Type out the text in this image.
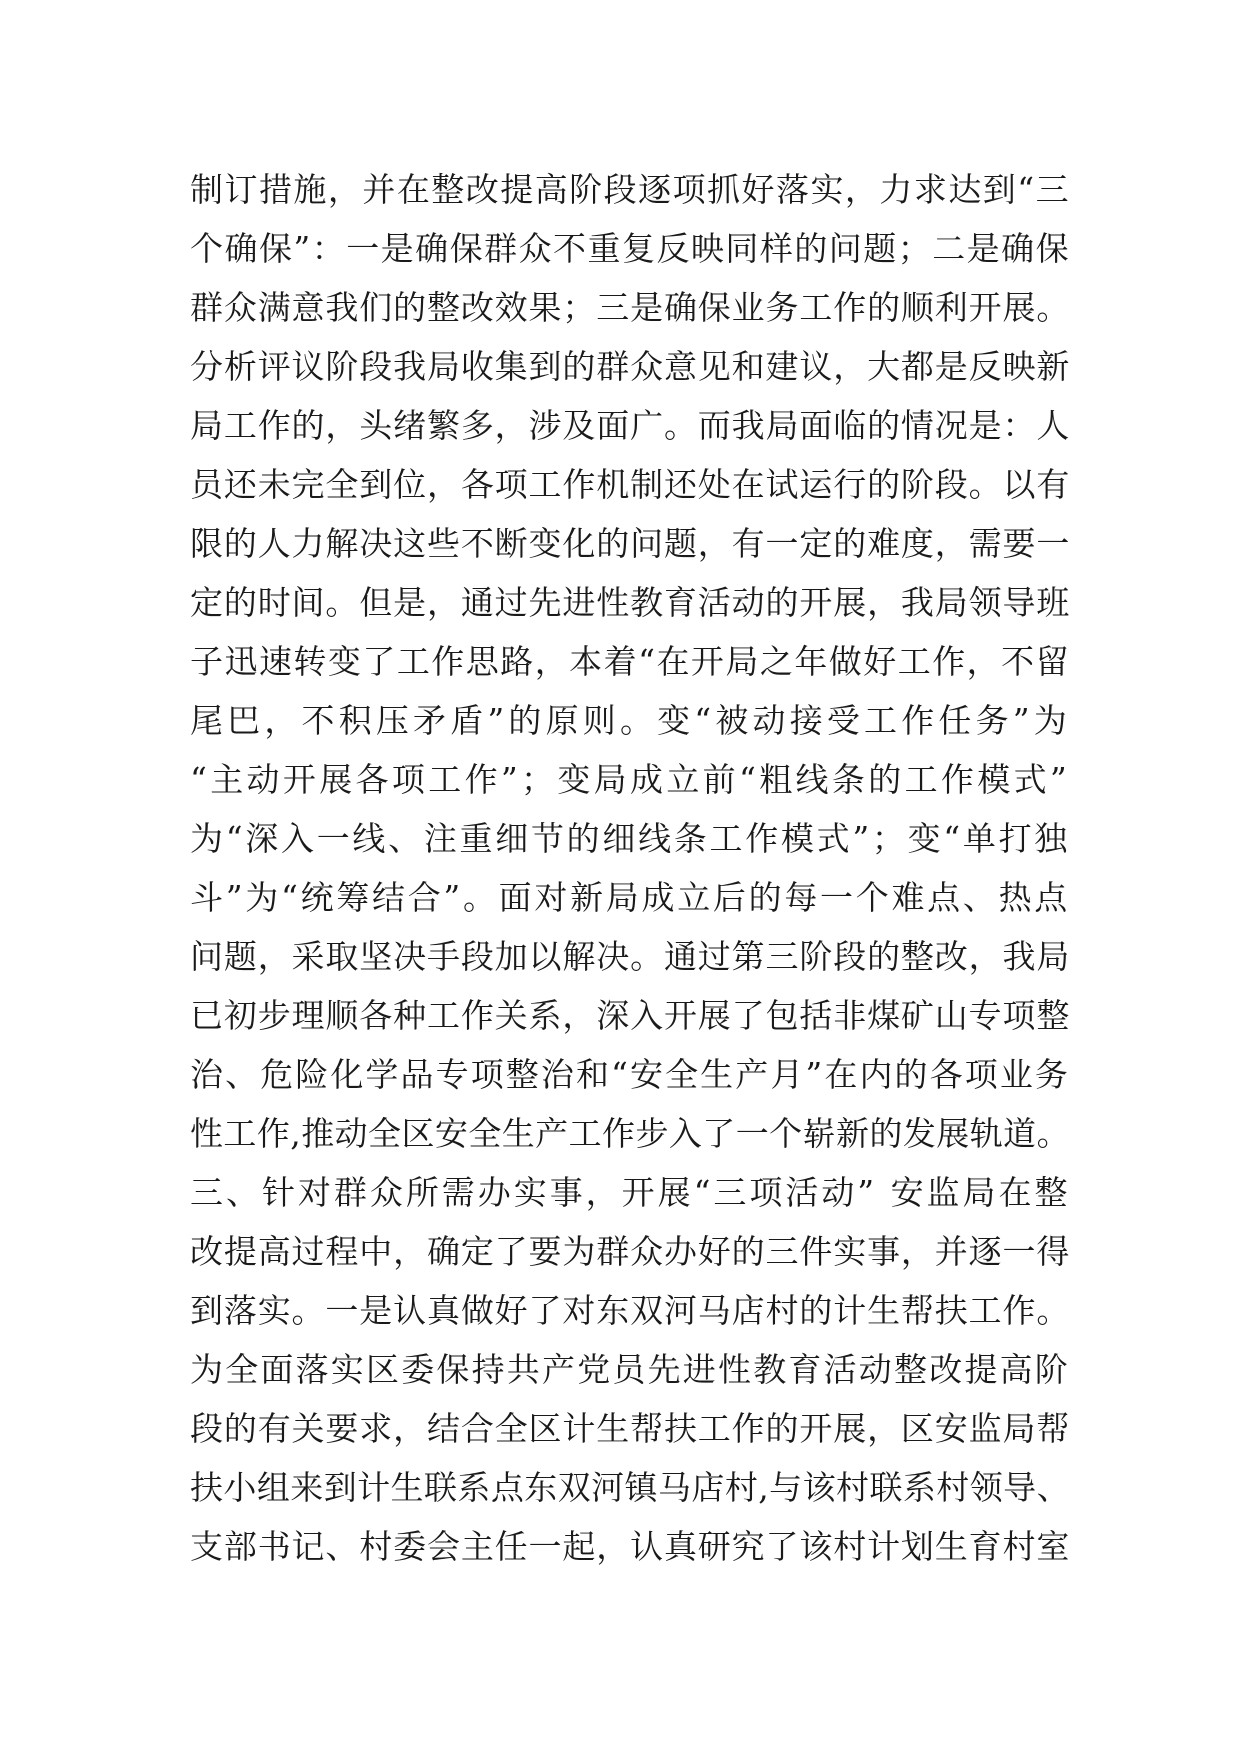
制订措施，并在整改提高阶段逐项抓好落实，力求达到“三
个确保”：一是确保群众不重复反映同样的问题；二是确保
群众满意我们的整改效果；三是确保业务工作的顺利开展。
分析评议阶段我局收集到的群众意见和建议，大都是反映新
局工作的，头绪繁多，涉及面广。而我局面临的情况是：人
员还未完全到位，各项工作机制还处在试运行的阶段。以有
限的人力解决这些不断变化的问题，有一定的难度，需要一
定的时间。但是，通过先进性教育活动的开展，我局领导班
子迅速转变了工作思路，本着“在开局之年做好工作，不留
尾巴，不积压矛盾”的原则。变“被动接受工作任务”为
“主动开展各项工作”；变局成立前“粗线条的工作模式”
为“深入一线、注重细节的细线条工作模式”；变“单打独
斗”为“统筹结合”。面对新局成立后的每一个难点、热点
问题，采取坚决手段加以解决。通过第三阶段的整改，我局
已初步理顺各种工作关系，深入开展了包括非煤矿山专项整
治、危险化学品专项整治和“安全生产月”在内的各项业务
性工作,推动全区安全生产工作步入了一个崭新的发展轨道。
三、针对群众所需办实事，开展“三项活动” 安监局在整
改提高过程中，确定了要为群众办好的三件实事，并逐一得
到落实。一是认真做好了对东双河马店村的计生帮扶工作。
为全面落实区委保持共产党员先进性教育活动整改提高阶
段的有关要求，结合全区计生帮扶工作的开展，区安监局帮
扶小组来到计生联系点东双河镇马店村,与该村联系村领导、
支部书记、村委会主任一起，认真研究了该村计划生育村室
